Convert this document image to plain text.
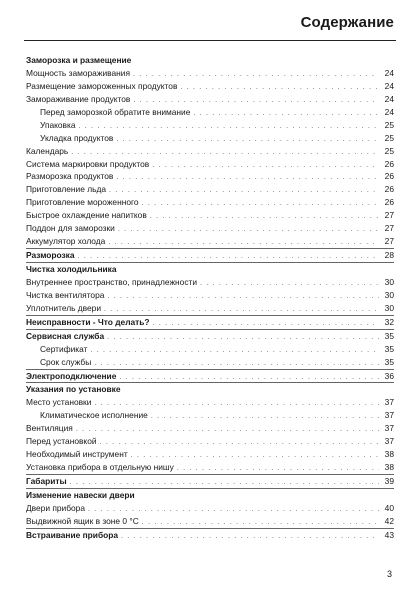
Содержание
Заморозка и размещение
Мощность замораживания . . .	24
Размещение замороженных продуктов . . .	24
Замораживание продуктов . . .	24
Перед заморозкой обратите внимание . . .	24
Упаковка . . .	25
Укладка продуктов . . .	25
Календарь . . .	25
Система маркировки продуктов . . .	26
Разморозка продуктов . . .	26
Приготовление льда . . .	26
Приготовление мороженного . . .	26
Быстрое охлаждение напитков . . .	27
Поддон для заморозки . . .	27
Аккумулятор холода . . .	27
Разморозка . . .	28
Чистка холодильника
Внутреннее пространство, принадлежности . . .	30
Чистка вентилятора . . .	30
Уплотнитель двери . . .	30
Неисправности - Что делать? . . .	32
Сервисная служба . . .	35
Сертификат . . .	35
Срок службы . . .	35
Электроподключение . . .	36
Указания по установке
Место установки . . .	37
Климатическое исполнение . . .	37
Вентиляция . . .	37
Перед установкой . . .	37
Необходимый инструмент . . .	38
Установка прибора в отдельную нишу . . .	38
Габариты . . .	39
Изменение навески двери
Двери прибора . . .	40
Выдвижной ящик в зоне 0 °C . . .	42
Встраивание прибора . . .	43
3
